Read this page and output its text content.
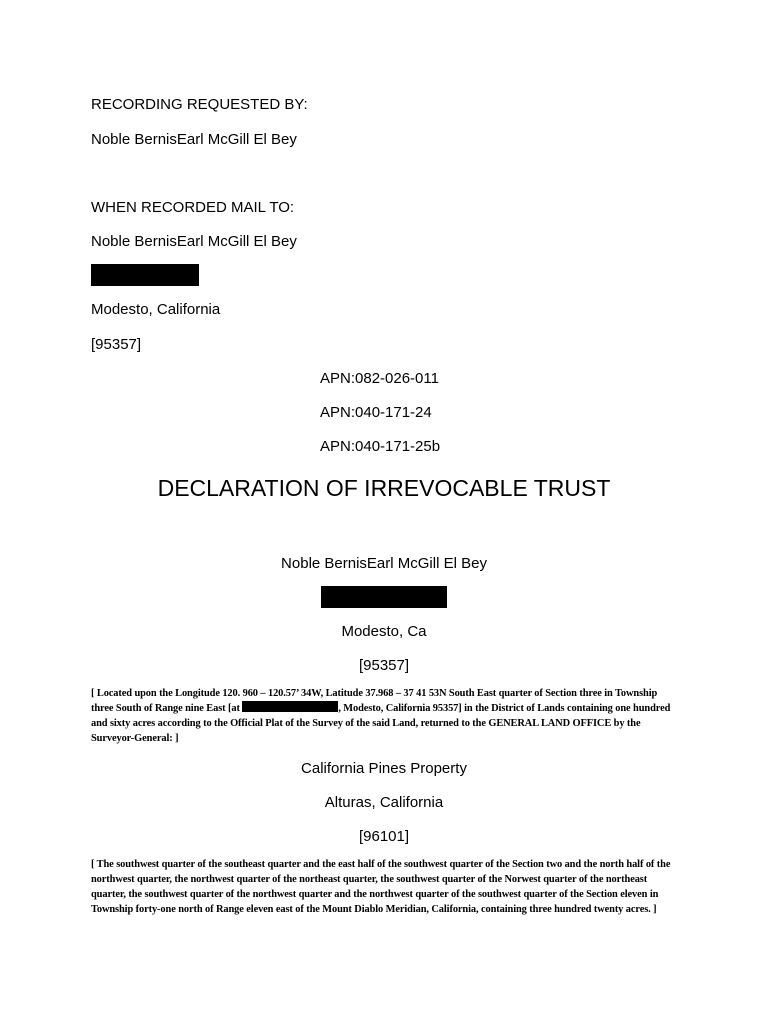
RECORDING REQUESTED BY:
Noble BernisEarl McGill El Bey
WHEN RECORDED MAIL TO:
Noble BernisEarl McGill El Bey
Modesto, California
[95357]
APN:082-026-011
APN:040-171-24
APN:040-171-25b
DECLARATION OF IRREVOCABLE TRUST
Noble BernisEarl McGill El Bey
Modesto, Ca
[95357]
[ Located upon the Longitude 120. 960 – 120.57’ 34W, Latitude 37.968 – 37 41 53N South East quarter of Section three in Township three South of Range nine East [at	, Modesto, California 95357] in the District of Lands containing one hundred and sixty acres according to the Official Plat of the Survey of the said Land, returned to the GENERAL LAND OFFICE by the Surveyor-General: ]
California Pines Property
Alturas, California
[96101]
[ The southwest quarter of the southeast quarter and the east half of the southwest quarter of the Section two and the north half of the northwest quarter, the northwest quarter of the northeast quarter, the southwest quarter of the Norwest quarter of the northeast quarter, the southwest quarter of the northwest quarter and the northwest quarter of the southwest quarter of the Section eleven in Township forty-one north of Range eleven east of the Mount Diablo Meridian, California, containing three hundred twenty acres. ]
